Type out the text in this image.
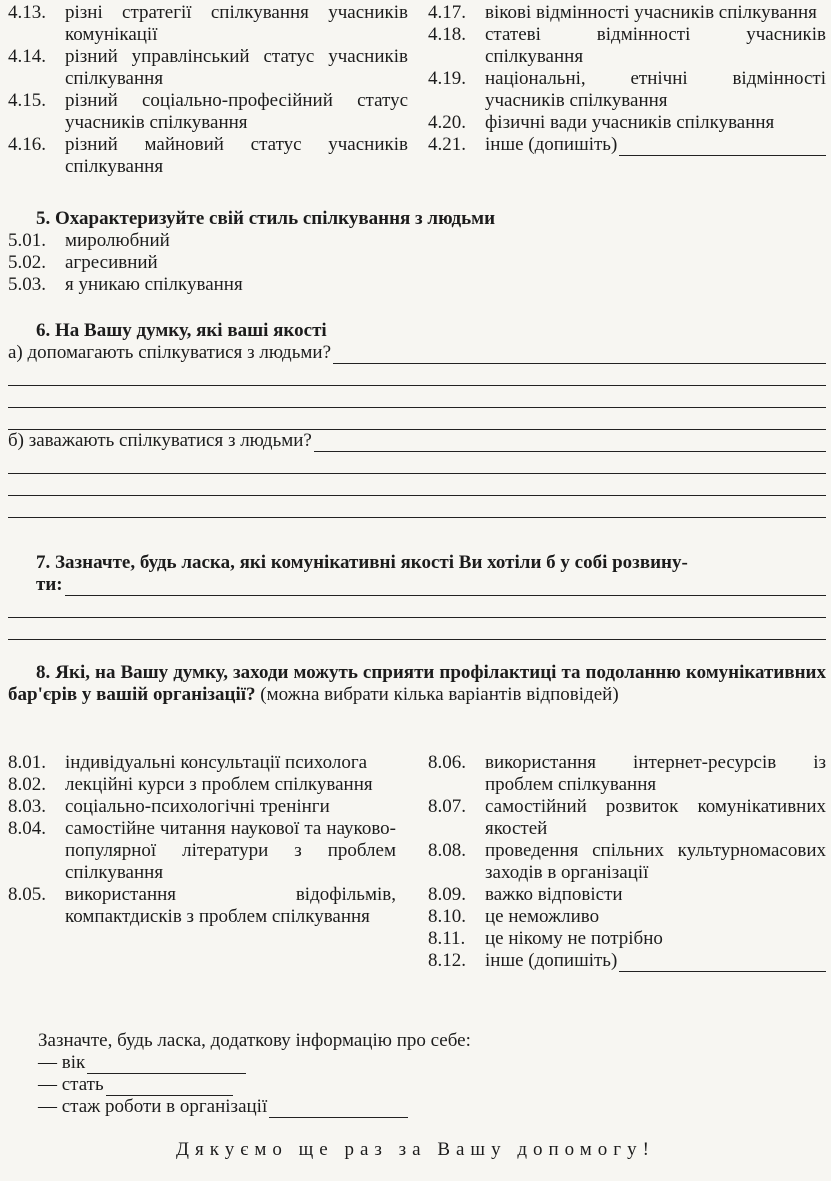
4.13.	різні стратегії спілкування учасників комунікації
4.14.	різний управлінський статус учасників спілкування
4.15.	різний соціально-професійний статус учасників спілкування
4.16.	різний майновий статус учасників спілкування
4.17.	вікові відмінності учасників спілкування
4.18.	статеві відмінності учасників спілкування
4.19.	національні, етнічні відмінності учасників спілкування
4.20.	фізичні вади учасників спілкування
4.21.	інше (допишіть)
5. Охарактеризуйте свій стиль спілкування з людьми
5.01.	миролюбний
5.02.	агресивний
5.03.	я уникаю спілкування
6. На Вашу думку, які ваші якості
а) допомагають спілкуватися з людьми?
б) заважають спілкуватися з людьми?
7. Зазначте, будь ласка, які комунікативні якості Ви хотіли б у собі розвину-
ти:
8. Які, на Вашу думку, заходи можуть сприяти профілактиці та подоланню комунікативних бар'єрів у вашій організації? (можна вибрати кілька варіантів відповідей)
8.01.	індивідуальні консультації психолога
8.02.	лекційні курси з проблем спілкування
8.03.	соціально-психологічні тренінги
8.04.	самостійне читання наукової та науково-популярної літератури з проблем спілкування
8.05.	використання відофільмів, компактдисків з проблем спілкування
8.06.	використання інтернет-ресурсів із проблем спілкування
8.07.	самостійний розвиток комунікативних якостей
8.08.	проведення спільних культурномасових заходів в організації
8.09.	важко відповісти
8.10.	це неможливо
8.11.	це нікому не потрібно
8.12.	інше (допишіть)
Зазначте, будь ласка, додаткову інформацію про себе:
— вік
— стать
— стаж роботи в організації
Дякуємо ще раз за Вашу допомогу!
